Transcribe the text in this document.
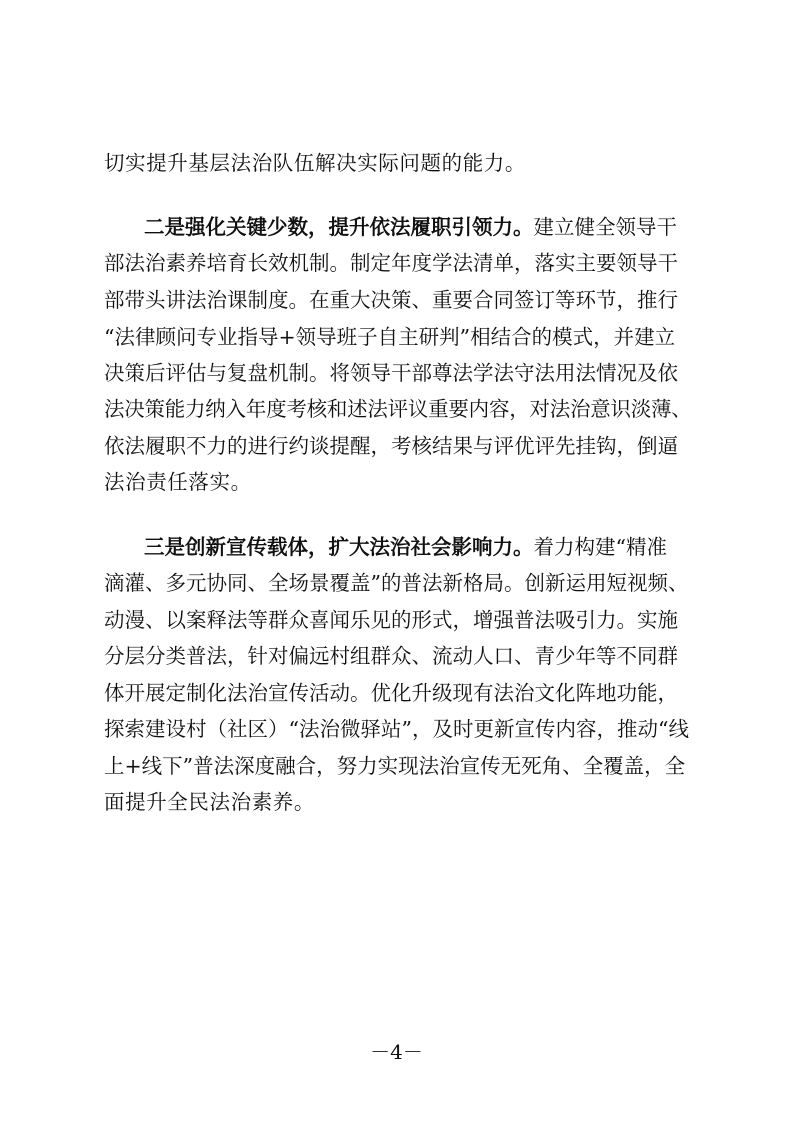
切实提升基层法治队伍解决实际问题的能力。
二是强化关键少数，提升依法履职引领力。建立健全领导干
部法治素养培育长效机制。制定年度学法清单，落实主要领导干
部带头讲法治课制度。在重大决策、重要合同签订等环节，推行
“法律顾问专业指导+领导班子自主研判”相结合的模式，并建立
决策后评估与复盘机制。将领导干部尊法学法守法用法情况及依
法决策能力纳入年度考核和述法评议重要内容，对法治意识淡薄、
依法履职不力的进行约谈提醒，考核结果与评优评先挂钩，倒逼
法治责任落实。
三是创新宣传载体，扩大法治社会影响力。着力构建“精准
滴灌、多元协同、全场景覆盖”的普法新格局。创新运用短视频、
动漫、以案释法等群众喜闻乐见的形式，增强普法吸引力。实施
分层分类普法，针对偏远村组群众、流动人口、青少年等不同群
体开展定制化法治宣传活动。优化升级现有法治文化阵地功能，
探索建设村（社区）“法治微驿站”，及时更新宣传内容，推动“线
上+线下”普法深度融合，努力实现法治宣传无死角、全覆盖，全
面提升全民法治素养。
－4－
